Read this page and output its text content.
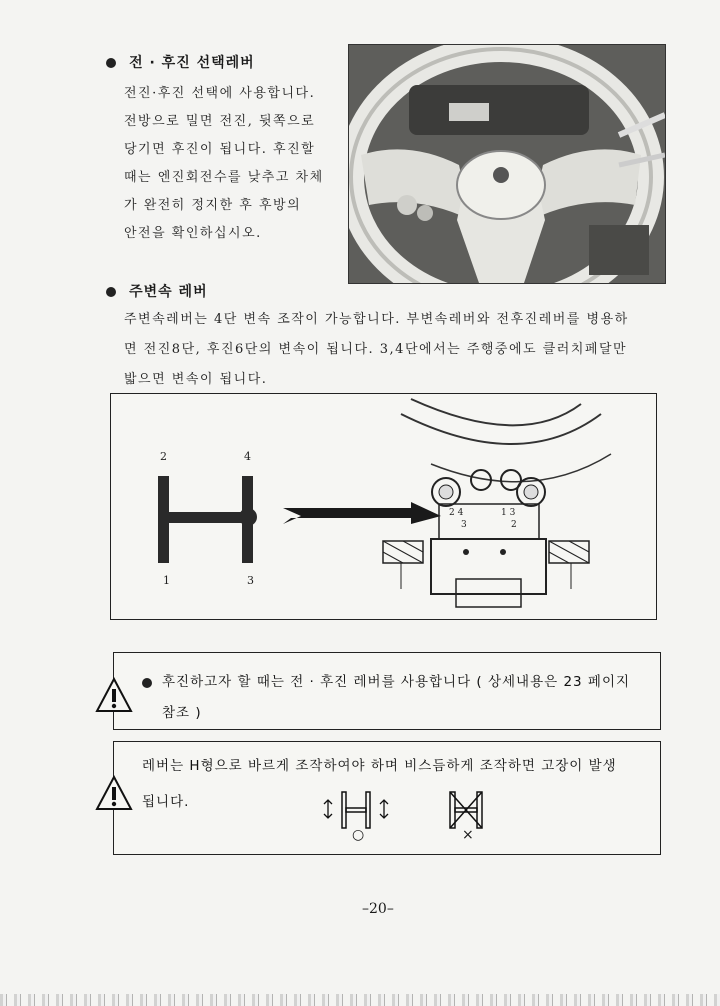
전 · 후진 선택레버
전진·후진 선택에 사용합니다.
전방으로 밀면 전진, 뒷쪽으로
당기면 후진이 됩니다. 후진할
때는 엔진회전수를 낮추고 차체
가 완전히 정지한 후 후방의
안전을 확인하십시오.
주변속 레버
주변속레버는 4단 변속 조작이 가능합니다. 부변속레버와 전후진레버를 병용하
면 전진8단, 후진6단의 변속이 됩니다. 3,4단에서는 주행중에도 클러치페달만
밟으면 변속이 됩니다.
2	4
1	3
2 4	1 3
3	2
후진하고자 할 때는 전 · 후진 레버를 사용합니다 ( 상세내용은 23 페이지
참조 )
레버는 H형으로 바르게 조작하여야 하며 비스듬하게 조작하면 고장이 발생
됩니다.
○	×
–20–
